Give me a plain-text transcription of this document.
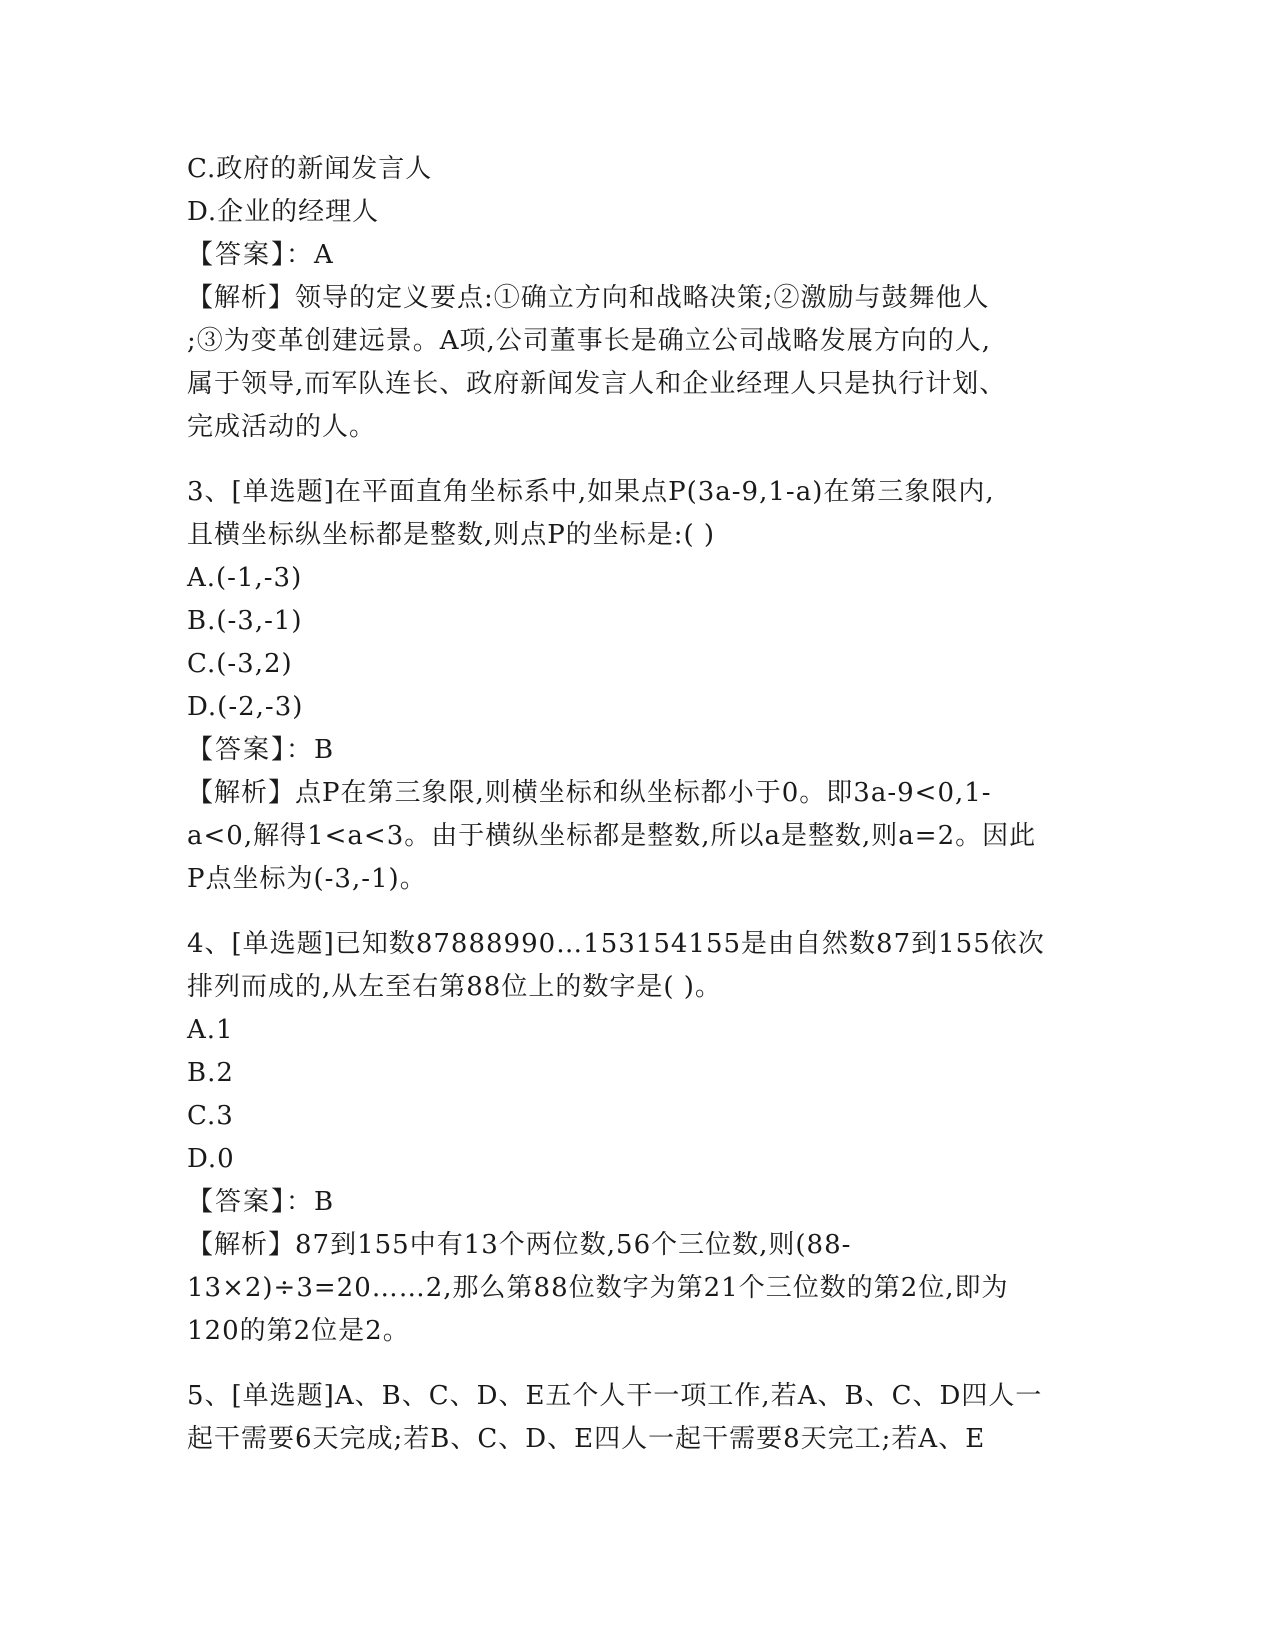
C.政府的新闻发言人
D.企业的经理人
【答案】：A
【解析】领导的定义要点:①确立方向和战略决策;②激励与鼓舞他人
;③为变革创建远景。A项,公司董事长是确立公司战略发展方向的人,
属于领导,而军队连长、政府新闻发言人和企业经理人只是执行计划、
完成活动的人。
3、[单选题]在平面直角坐标系中,如果点P(3a-9,1-a)在第三象限内,
且横坐标纵坐标都是整数,则点P的坐标是:( )
A.(-1,-3)
B.(-3,-1)
C.(-3,2)
D.(-2,-3)
【答案】：B
【解析】点P在第三象限,则横坐标和纵坐标都小于0。即3a-9<0,1-
a<0,解得1<a<3。由于横纵坐标都是整数,所以a是整数,则a=2。因此
P点坐标为(-3,-1)。
4、[单选题]已知数87888990…153154155是由自然数87到155依次
排列而成的,从左至右第88位上的数字是( )。
A.1
B.2
C.3
D.0
【答案】：B
【解析】87到155中有13个两位数,56个三位数,则(88-
13×2)÷3=20……2,那么第88位数字为第21个三位数的第2位,即为
120的第2位是2。
5、[单选题]A、B、C、D、E五个人干一项工作,若A、B、C、D四人一
起干需要6天完成;若B、C、D、E四人一起干需要8天完工;若A、E
